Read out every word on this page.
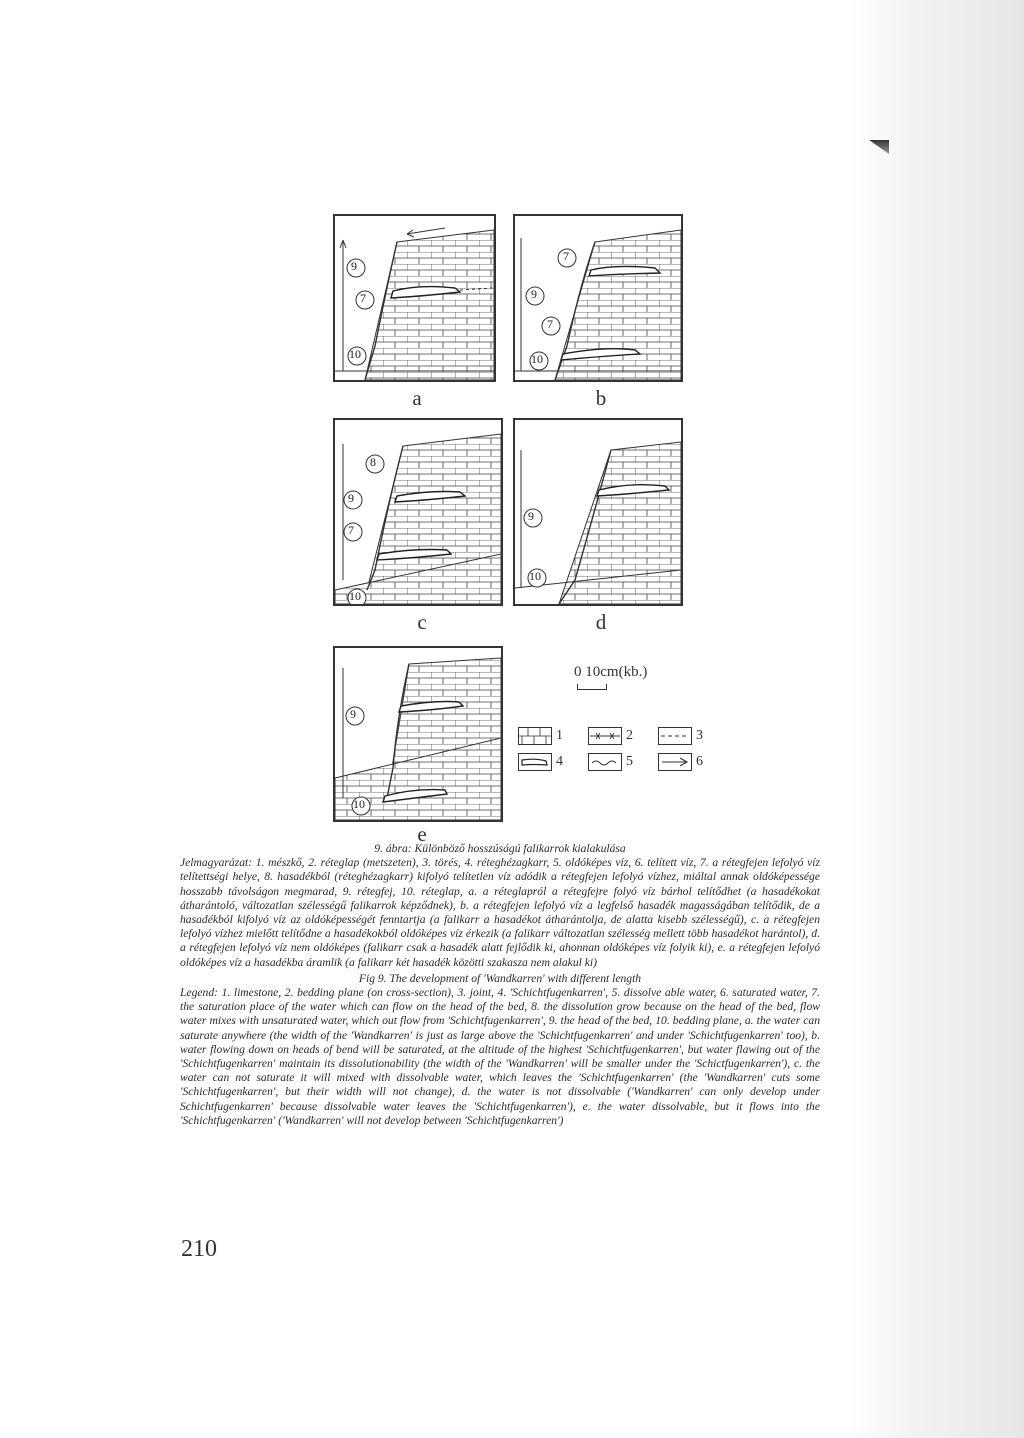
9
7
10
a
7
9
7
10
b
8
9
7
10
c
9
10
d
9
10
e
0 10cm(kb.)
1	2	3
4	5	6

9. ábra: Különböző hosszúságú falikarrok kialakulása

Jelmagyarázat: 1. mészkő, 2. réteglap (metszeten), 3. törés, 4. réteghézagkarr, 5. oldóképes víz, 6. telített víz, 7. a rétegfejen lefolyó víz telítettségi helye, 8. hasadékból (réteghézagkarr) kifolyó telítetlen víz adódik a rétegfejen lefolyó vízhez, miáltal annak oldóképessége hosszabb távolságon megmarad, 9. rétegfej, 10. réteglap, a. a réteglapról a rétegfejre folyó víz bárhol telítődhet (a hasadékokat átharántoló, változatlan szélességű falikarrok képződnek), b. a rétegfejen lefolyó víz a legfelső hasadék magasságában telítődik, de a hasadékból kifolyó víz az oldóképességét fenntartja (a falikarr a hasadékot átharántolja, de alatta kisebb szélességű), c. a rétegfejen lefolyó vízhez mielőtt telítődne a hasadékokból oldóképes víz érkezik (a falikarr változatlan szélesség mellett több hasadékot harántol), d. a rétegfejen lefolyó víz nem oldóképes (falikarr csak a hasadék alatt fejlődik ki, ahonnan oldóképes víz folyik ki), e. a rétegfejen lefolyó oldóképes víz a hasadékba áramlik (a falikarr két hasadék közötti szakasza nem alakul ki)

Fig 9. The development of 'Wandkarren' with different length

Legend: 1. limestone, 2. bedding plane (on cross-section), 3. joint, 4. 'Schichtfugenkarren', 5. dissolve able water, 6. saturated water, 7. the saturation place of the water which can flow on the head of the bed, 8. the dissolution grow because on the head of the bed, flow water mixes with unsaturated water, which out flow from 'Schichtfugenkarren', 9. the head of the bed, 10. bedding plane, a. the water can saturate anywhere (the width of the 'Wandkarren' is just as large above the 'Schichtfugenkarren' and under 'Schichtfugenkarren' too), b. water flowing down on heads of bend will be saturated, at the altitude of the highest 'Schichtfugenkarren', but water flawing out of the 'Schichtfugenkarren' maintain its dissolutionability (the width of the 'Wandkarren' will be smaller under the 'Schictfugenkarren'), c. the water can not saturate it will mixed with dissolvable water, which leaves the 'Schichtfugenkarren' (the 'Wandkarren' cuts some 'Schichtfugenkarren', but their width will not change), d. the water is not dissolvable ('Wandkarren' can only develop under Schichtfugenkarren' because dissolvable water leaves the 'Schichtfugenkarren'), e. the water dissolvable, but it flows into the 'Schichtfugenkarren' ('Wandkarren' will not develop between 'Schichtfugenkarren')

210
